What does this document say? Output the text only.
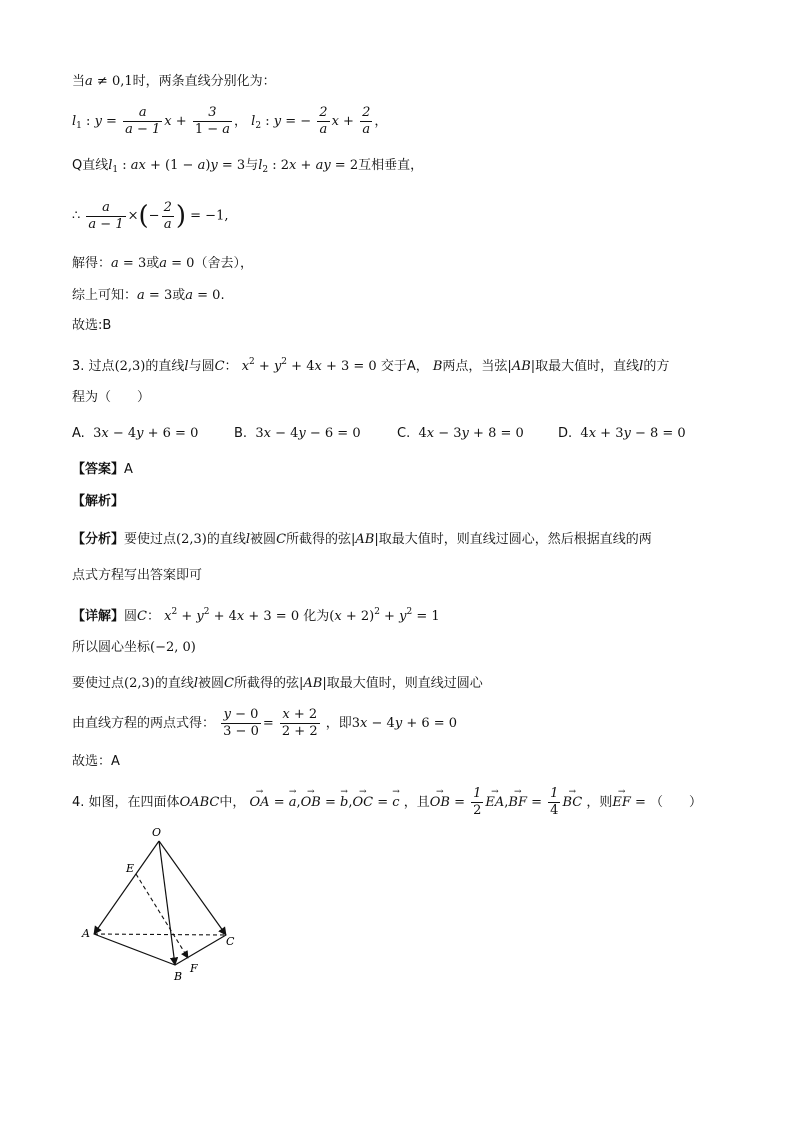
当a ≠ 0,1时，两条直线分别化为：
$l_1$ : $y = \frac{a}{a - 1}$ $x + \frac{3}{1 - a}$ ， $l_2$ : y = − $\frac{2}{a}$ $x + \frac{2}{a}$ ，
Q直线$l_1$ : ax + (1 − a)y = 3与$l_2$ : 2x + ay = 2互相垂直，
∴ $\frac{a}{a - 1}$ ×(− $\frac{2}{a}$ ) = −1,
解得：a = 3或a = 0（舍去），
综上可知：a = 3或a = 0.
故选:B
3. 过点(2,3)的直线l与圆C： $x^2 + y^2 + 4x + 3 = 0$ 交于A， B两点，当弦|AB|取最大值时，直线l的方
程为（　　）
A. 3x − 4y + 6 = 0	B. 3x − 4y − 6 = 0	C. 4x − 3y + 8 = 0	D. 4x + 3y − 8 = 0
【答案】A
【解析】
【分析】要使过点(2,3)的直线l被圆C所截得的弦|AB|取最大值时，则直线过圆心，然后根据直线的两
点式方程写出答案即可
【详解】圆C： $x^2 + y^2 + 4x + 3 = 0$ 化为$(x + 2)^2 + y^2 = 1$
所以圆心坐标(−2, 0)
要使过点(2,3)的直线l被圆C所截得的弦|AB|取最大值时，则直线过圆心
由直线方程的两点式得： $\frac{y - 0}{3 - 0} = \frac{x + 2}{2 + 2}$ ，即3x − 4y + 6 = 0
故选：A
4. 如图，在四面体OABC中， → OA = → a,→ OB = → b,→ OC = → c ，且→ OB = $\frac{1}{2}$
→ EA,→ BF = $\frac{1}{4}$
→ BC ，则→ EF = （　　）
O
E
A
C
B
F
